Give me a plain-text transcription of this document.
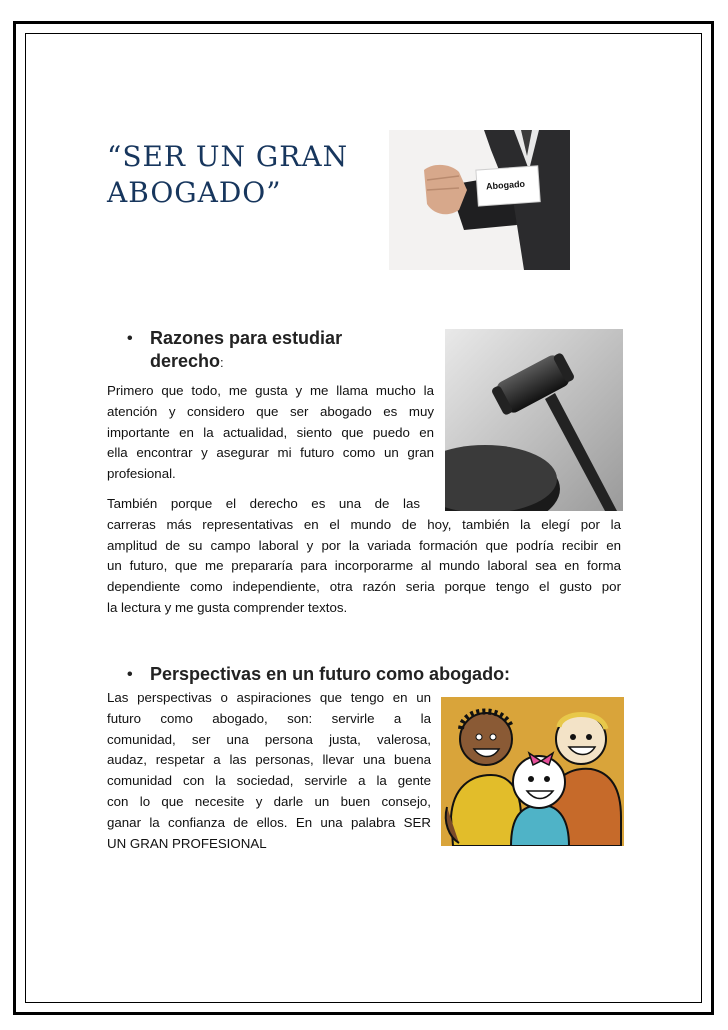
“SER UN GRAN
ABOGADO”	Abogado
• Razones para estudiar
derecho:
Primero que todo, me gusta y me llama mucho la
atención y considero que ser abogado es muy
importante en la actualidad, siento que puedo en
ella encontrar y asegurar mi futuro como un gran
profesional.
También porque el derecho es una de las
carreras más representativas en el mundo de hoy, también la elegí por la
amplitud de su campo laboral y por la variada formación que podría recibir en
un futuro, que me prepararía para incorporarme al mundo laboral sea en forma
dependiente como independiente, otra razón seria porque tengo el gusto por
la lectura y me gusta comprender textos.
• Perspectivas en un futuro como abogado:
Las perspectivas o aspiraciones que tengo en un
futuro como abogado, son: servirle a la
comunidad, ser una persona justa, valerosa,
audaz, respetar a las personas, llevar una buena
comunidad con la sociedad, servirle a la gente
con lo que necesite y darle un buen consejo,
ganar la confianza de ellos. En una palabra SER
UN GRAN PROFESIONAL
